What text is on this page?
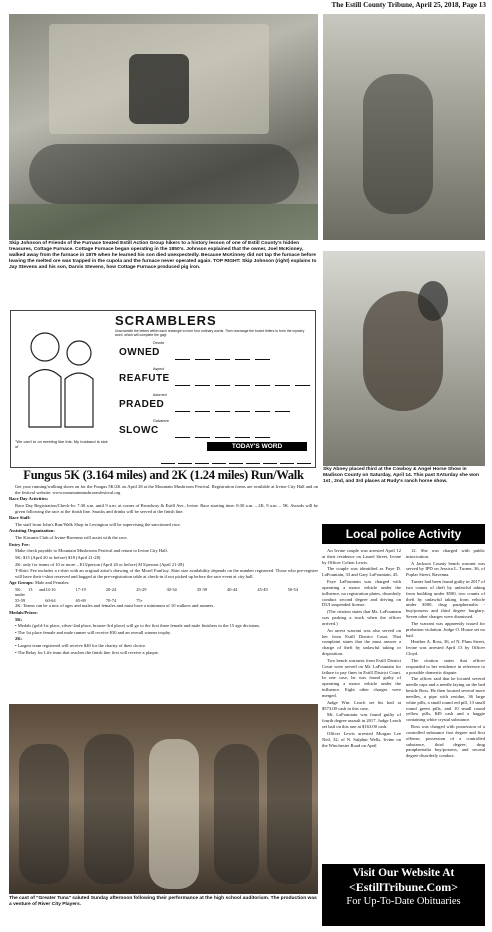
The Estill County Tribune, April 25, 2018, Page 13
Skip Johnson of Friends of the Furnace treated Estill Action Group hikers to a history lesson of one of Estill County's hidden treasures, Cottage Furnace. Cottage Furnace began operating in the 1850's. Johnson explained that the owner, Joel McKinney, walked away from the furnace in 1879 when he learned his son died unexpectedly. Because McKinney did not tap the furnace before leaving the melted ore was trapped in the cupola and the furnace never operated again. TOP RIGHT: Skip Johnson (right) explains to Jay Stevens and his son, Darvis Stevens, how Cottage Furnace produced pig iron.
Sky Abney placed third at the Cowboy & Angel Horse Show in Madison County on Saturday, April 14. This past SAturday she won 1st , 2nd, and 3rd places at Rudy's ranch horse show.
SCRAMBLERS
Unscramble the letters within each rectangle to form four ordinary words. Then rearrange the boxed letters to form the mystery word, which will complete the gag!
Devote
OWNED
Aspect
REAFUTE
Adorned
PRADED
Galvanize
SLOWC
"We can't to on meeting like this. My husband is sick of	TODAY'S WORD
Fungus 5K (3.164 miles) and 2K (1.24 miles) Run/Walk

Get your running/walking shoes on for the Fungus 5K/2K on April 28 at the Mountain Mushroom Festival. Registration forms are available at Irvine City Hall and on the festival website: www.mountainmushroomfestival.org

Race Day Activities:

Race Day Registration/Check-In: 7:30 a.m. until 9 a.m. at corner of Broadway & Estill Ave., Irvine. Race starting time: 8:30 a.m. – 2K. 9 a.m. – 5K. Awards will be given following the race at the finish line. Snacks and drinks will be served at the finish line.

Race Staff:

The staff from John's Run/Walk Shop in Lexington will be supervising the sanctioned race.

Assisting Organization:

The Kiwanis Club of Irvine-Ravenna will assist with the race.

Entry Fee:

Make check payable to Mountain Mushroom Festival and return to Irvine City Hall.

5K: $15 (April 20 or before) $18 (April 21-28)

2K: only for teams of 10 or more – $13/person (April 20 or before) $15/person (April 21-28)

T-Shirt: Fee includes a t-shirt with an original artist's drawing of the Morel FunGuy. Shirt size availability depends on the number registered. Those who pre-register will have their t-shirt reserved and bagged at the pre-registration table at check-in if not picked up before the race event at city hall.

Age Groups: Male and Females:

5K: 13 and under
14-16	17-19	20-24	25-29	30-34	35-39	40-44	45-49	50-54
55-59	60-64	65-69	70-74	75+

2K: Teams can be a mix of ages and males and females and must have a minimum of 10 walkers and runners.

Medals/Prizes:

5K:

• Medals (gold-1st place, silver-2nd place, bronze-3rd place) will go to the first three female and male finishers in the 15 age divisions.

• The 1st place female and male runner will receive $30 and an overall winner trophy.

2K:

• Largest team registered will receive $40 for the charity of their choice.

• The Relay for Life team that reaches the finish line first will receive a plaque.

The cast of "Greater Tuna" saluted Sunday afternoon following their performance at the high school auditorium. The production was a venture of River City Players.
Local police Activity

An Irvine couple was arrested April 12 at their residence on Laurel Street, Irvine by Officer Colton Lewis.

The couple was identified as Faye D. LaFountain, 33 and Gary LaFountain, 45.

Faye LaFountain was charged with operating a motor vehicle under the influence, no registration plates, disorderly conduct second degree and driving on DUI suspended license.

(The citation states that Ms. LaFountain was parking a truck when the officer arrived.)

An arrest warrant was also served on her from Estill District Court. That complaint states that the must answer a charge of theft by unlawful taking or disposition.

Two bench warrants from Estill District Court were served on Mr. LaFountain for failure to pay fines in Estill District Court. In one case, he was found guilty of operating a motor vehicle under the influence. Eight other charges were merged.

Judge Wm. Leach set his bail at $573.00 cash in this case.

Mr. LaFountain was found guilty of fourth degree assault in 2017. Judge Leach set bail on this one at $163.00 cash.

Officer Lewis arrested Morgan Lee Neil, 32, of N. Sulphur Wells, Irvine on the Winchester Road on April

12. She was charged with public intoxication.

A Jackson County bench warrant was served by IPD on Jessica L. Turner, 36, of Poplar Street, Ravenna.

Turner had been found guilty in 2017 of two counts of theft by unlawful taking from building under $500, two counts of theft by unlawful taking from vehicle under $500, drug paraphernalia - buy/possess and third degree burglary. Seven other charges were dismissed.

The warrant was apparently issued for probation violation. Judge O. House set no bail.

Heather A. Ross, 36, of N. Plum Street, Irvine was arrested April 13 by Officer Cloyd.

The citation states that officer responded to her residence in reference to a possible domestic dispute.

The officer said that he located several needle caps and a needle laying on the bed beside Ross. He then located several more needles, a pipe with residue, 36 large white pills, a small round red pill, 13 small round green pills, and 10 small round yellow pills, $49 cash and a baggie containing white crystal substance.

Ross was charged with possession of a controlled substance first degree and first offense, possession of a controlled substance, third degree, drug paraphernalia buy/possess, and second degree disorderly conduct.

Visit Our Website At
<EstillTribune.Com>
For Up-To-Date Obituaries
